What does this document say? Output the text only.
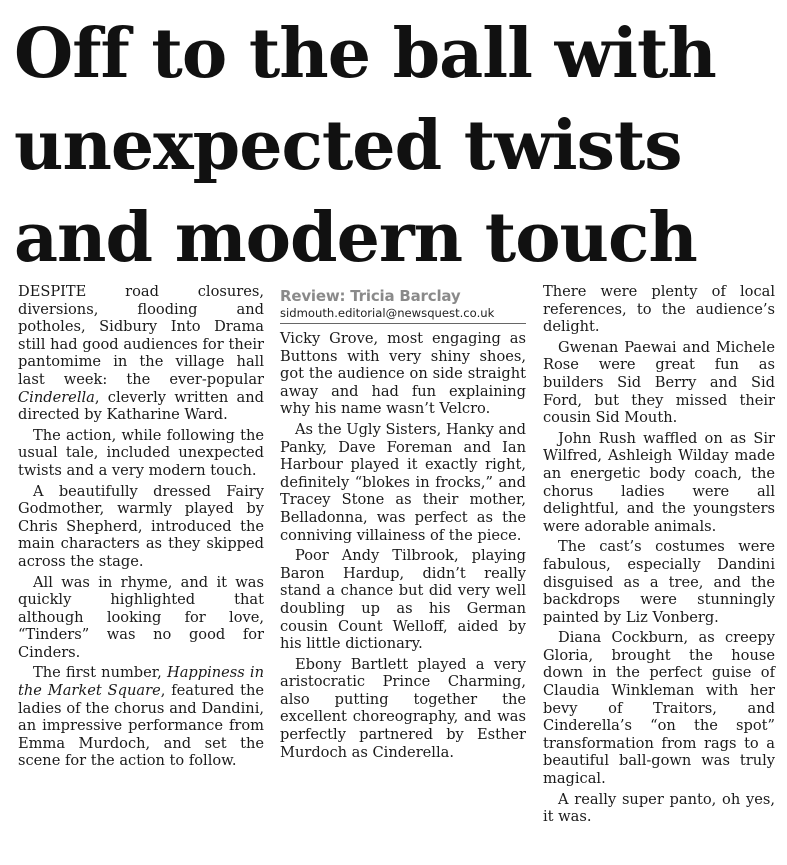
Off to the ball with
unexpected twists
and modern touch

DESPITE road closures, diversions, flooding and potholes, Sidbury Into Drama still had good audiences for their pantomime in the village hall last week: the ever-popular Cinderella, cleverly written and directed by Katharine Ward.

The action, while following the usual tale, included unexpected twists and a very modern touch.

A beautifully dressed Fairy Godmother, warmly played by Chris Shepherd, introduced the main characters as they skipped across the stage.

All was in rhyme, and it was quickly highlighted that although looking for love, “Tinders” was no good for Cinders.

The first number, Happiness in the Market Square, featured the ladies of the chorus and Dandini, an impressive performance from Emma Murdoch, and set the scene for the action to follow.

Review: Tricia Barclay
sidmouth.editorial@newsquest.co.uk

Vicky Grove, most engaging as Buttons with very shiny shoes, got the audience on side straight away and had fun explaining why his name wasn’t Velcro.

As the Ugly Sisters, Hanky and Panky, Dave Foreman and Ian Harbour played it exactly right, definitely “blokes in frocks,” and Tracey Stone as their mother, Belladonna, was perfect as the conniving villainess of the piece.

Poor Andy Tilbrook, playing Baron Hardup, didn’t really stand a chance but did very well doubling up as his German cousin Count Welloff, aided by his little dictionary.

Ebony Bartlett played a very aristocratic Prince Charming, also putting together the excellent choreography, and was perfectly partnered by Esther Murdoch as Cinderella.

There were plenty of local references, to the audience’s delight.

Gwenan Paewai and Michele Rose were great fun as builders Sid Berry and Sid Ford, but they missed their cousin Sid Mouth.

John Rush waffled on as Sir Wilfred, Ashleigh Wilday made an energetic body coach, the chorus ladies were all delightful, and the youngsters were adorable animals.

The cast’s costumes were fabulous, especially Dandini disguised as a tree, and the backdrops were stunningly painted by Liz Vonberg.

Diana Cockburn, as creepy Gloria, brought the house down in the perfect guise of Claudia Winkleman with her bevy of Traitors, and Cinderella’s “on the spot” transformation from rags to a beautiful ball-gown was truly magical.

A really super panto, oh yes, it was.
